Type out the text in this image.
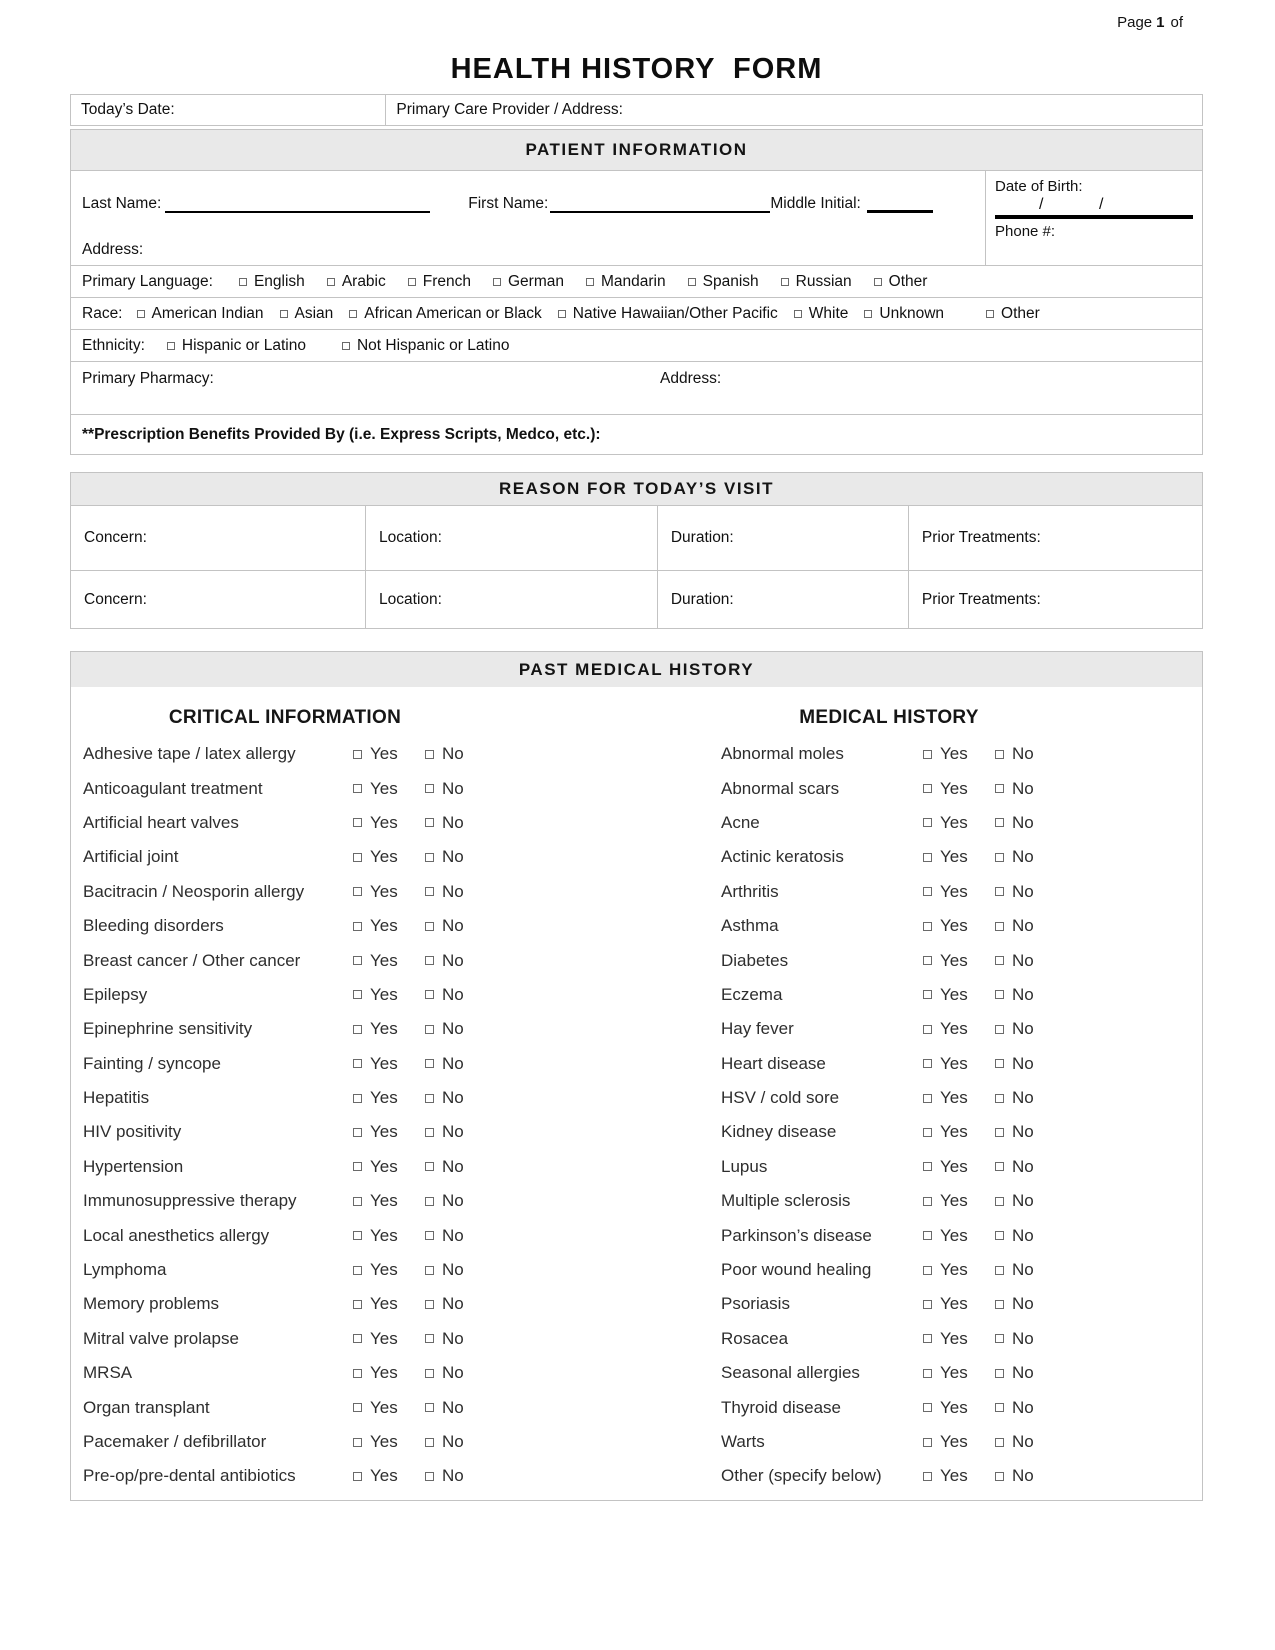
Page 1 of
HEALTH HISTORY  FORM
Today’s Date:	Primary Care Provider / Address:
PATIENT INFORMATION
Last Name:	First Name:	Middle Initial:
Address:
Date of Birth:
/	/
Phone #:
Primary Language:	English Arabic French German Mandarin Spanish Russian Other
Race: American Indian Asian African American or Black Native Hawaiian/Other Pacific White Unknown	Other
Ethnicity: Hispanic or Latino	Not Hispanic or Latino
Primary Pharmacy:	Address:
**Prescription Benefits Provided By (i.e. Express Scripts, Medco, etc.):
REASON FOR TODAY’S VISIT
Concern:	Location:	Duration:	Prior Treatments:
Concern:	Location:	Duration:	Prior Treatments:
PAST MEDICAL HISTORY
CRITICAL INFORMATION
Adhesive tape / latex allergy	Yes	No
Anticoagulant treatment	Yes	No
Artificial heart valves	Yes	No
Artificial joint	Yes	No
Bacitracin / Neosporin allergy	Yes	No
Bleeding disorders	Yes	No
Breast cancer / Other cancer	Yes	No
Epilepsy	Yes	No
Epinephrine sensitivity	Yes	No
Fainting / syncope	Yes	No
Hepatitis	Yes	No
HIV positivity	Yes	No
Hypertension	Yes	No
Immunosuppressive therapy	Yes	No
Local anesthetics allergy	Yes	No
Lymphoma	Yes	No
Memory problems	Yes	No
Mitral valve prolapse	Yes	No
MRSA	Yes	No
Organ transplant	Yes	No
Pacemaker / defibrillator	Yes	No
Pre-op/pre-dental antibiotics	Yes	No
MEDICAL HISTORY
Abnormal moles	Yes	No
Abnormal scars	Yes	No
Acne	Yes	No
Actinic keratosis	Yes	No
Arthritis	Yes	No
Asthma	Yes	No
Diabetes	Yes	No
Eczema	Yes	No
Hay fever	Yes	No
Heart disease	Yes	No
HSV / cold sore	Yes	No
Kidney disease	Yes	No
Lupus	Yes	No
Multiple sclerosis	Yes	No
Parkinson’s disease	Yes	No
Poor wound healing	Yes	No
Psoriasis	Yes	No
Rosacea	Yes	No
Seasonal allergies	Yes	No
Thyroid disease	Yes	No
Warts	Yes	No
Other (specify below)	Yes	No
